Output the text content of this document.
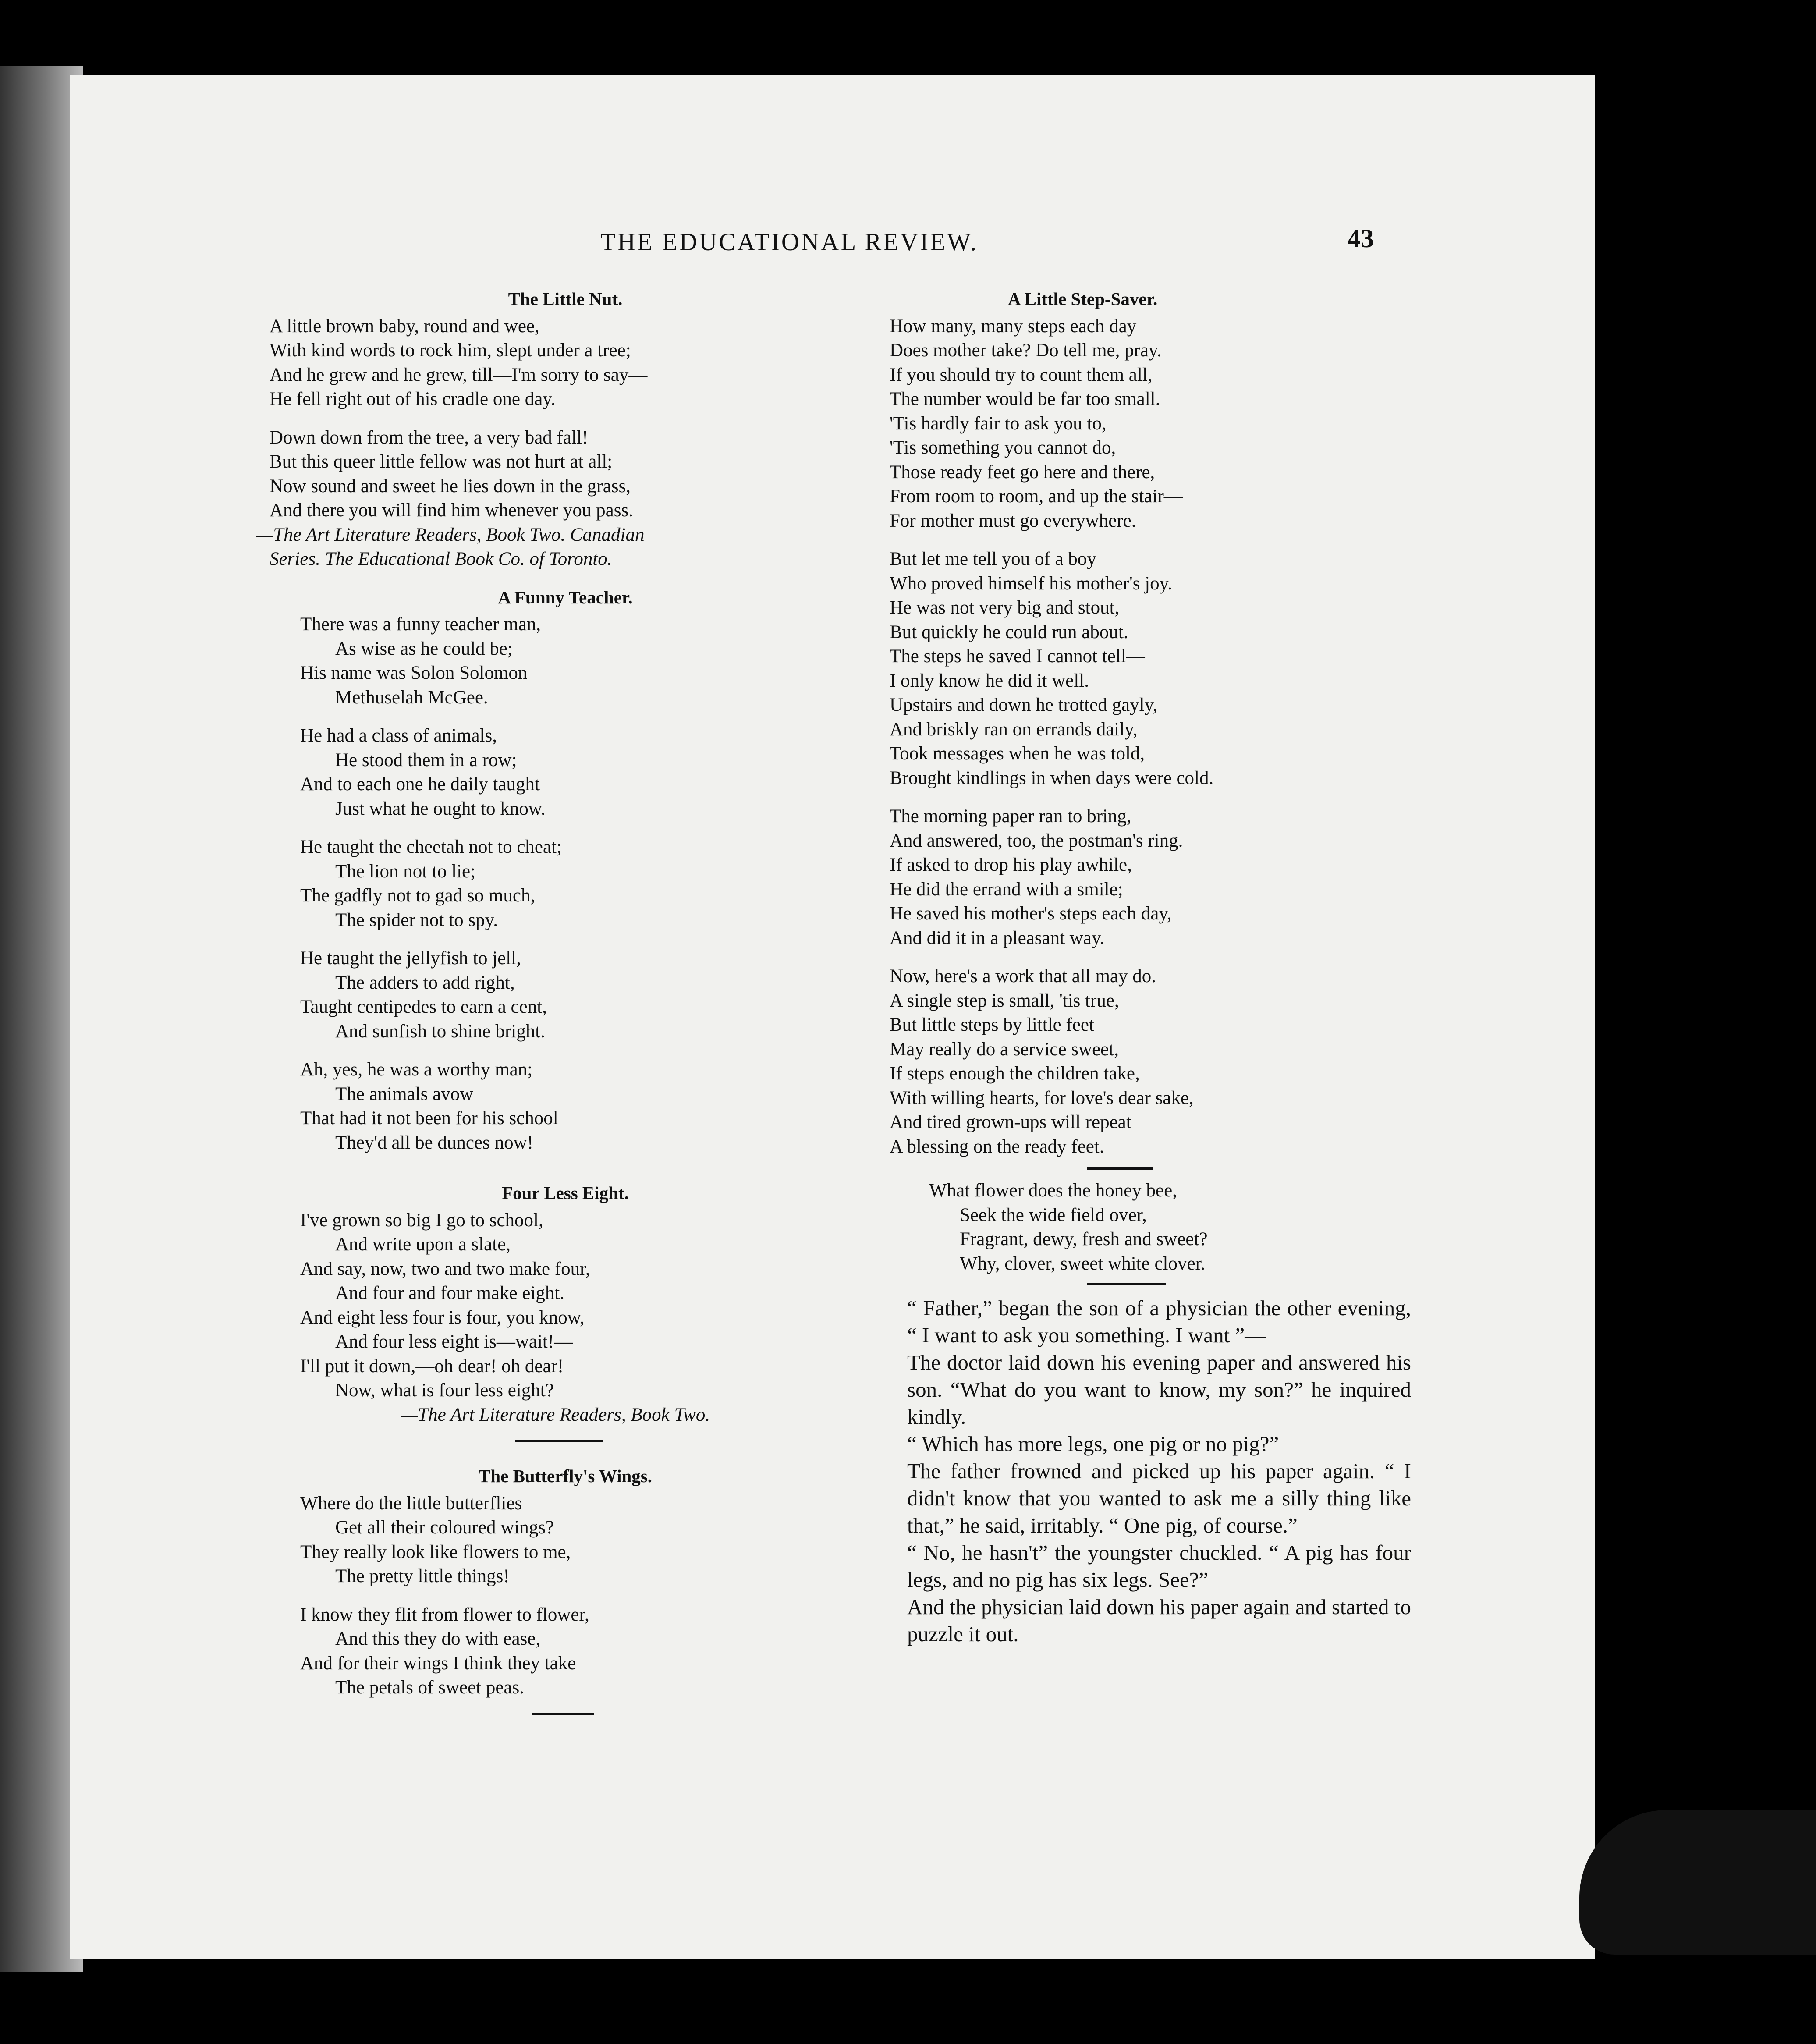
THE EDUCATIONAL REVIEW.	43

The Little Nut.

A little brown baby, round and wee,

With kind words to rock him, slept under a tree;

And he grew and he grew, till—I'm sorry to say—

He fell right out of his cradle one day.

Down down from the tree, a very bad fall!

But this queer little fellow was not hurt at all;

Now sound and sweet he lies down in the grass,

And there you will find him whenever you pass.

—The Art Literature Readers, Book Two. Canadian

Series. The Educational Book Co. of Toronto.

A Funny Teacher.

There was a funny teacher man,

As wise as he could be;

His name was Solon Solomon

Methuselah McGee.

He had a class of animals,

He stood them in a row;

And to each one he daily taught

Just what he ought to know.

He taught the cheetah not to cheat;

The lion not to lie;

The gadfly not to gad so much,

The spider not to spy.

He taught the jellyfish to jell,

The adders to add right,

Taught centipedes to earn a cent,

And sunfish to shine bright.

Ah, yes, he was a worthy man;

The animals avow

That had it not been for his school

They'd all be dunces now!

Four Less Eight.

I've grown so big I go to school,

And write upon a slate,

And say, now, two and two make four,

And four and four make eight.

And eight less four is four, you know,

And four less eight is—wait!—

I'll put it down,—oh dear! oh dear!

Now, what is four less eight?

—The Art Literature Readers, Book Two.

The Butterfly's Wings.

Where do the little butterflies

Get all their coloured wings?

They really look like flowers to me,

The pretty little things!

I know they flit from flower to flower,

And this they do with ease,

And for their wings I think they take

The petals of sweet peas.

A Little Step-Saver.

How many, many steps each day

Does mother take? Do tell me, pray.

If you should try to count them all,

The number would be far too small.

'Tis hardly fair to ask you to,

'Tis something you cannot do,

Those ready feet go here and there,

From room to room, and up the stair—

For mother must go everywhere.

But let me tell you of a boy

Who proved himself his mother's joy.

He was not very big and stout,

But quickly he could run about.

The steps he saved I cannot tell—

I only know he did it well.

Upstairs and down he trotted gayly,

And briskly ran on errands daily,

Took messages when he was told,

Brought kindlings in when days were cold.

The morning paper ran to bring,

And answered, too, the postman's ring.

If asked to drop his play awhile,

He did the errand with a smile;

He saved his mother's steps each day,

And did it in a pleasant way.

Now, here's a work that all may do.

A single step is small, 'tis true,

But little steps by little feet

May really do a service sweet,

If steps enough the children take,

With willing hearts, for love's dear sake,

And tired grown-ups will repeat

A blessing on the ready feet.

What flower does the honey bee,

Seek the wide field over,

Fragrant, dewy, fresh and sweet?

Why, clover, sweet white clover.

“ Father,” began the son of a physician the other evening, “ I want to ask you something. I want ”—

The doctor laid down his evening paper and answered his son. “What do you want to know, my son?” he inquired kindly.

“ Which has more legs, one pig or no pig?”

The father frowned and picked up his paper again. “ I didn't know that you wanted to ask me a silly thing like that,” he said, irritably. “ One pig, of course.”

“ No, he hasn't” the youngster chuckled. “ A pig has four legs, and no pig has six legs. See?”

And the physician laid down his paper again and started to puzzle it out.
